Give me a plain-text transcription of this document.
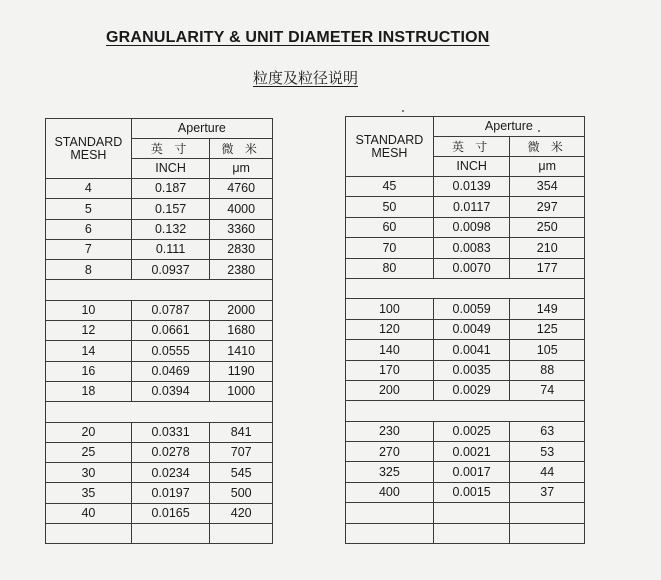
GRANULARITY & UNIT DIAMETER INSTRUCTION
粒度及粒径说明
STANDARD
MESH	Aperture	
	英 寸	微 米
	INCH	μm
4	0.187	4760
5	0.157	4000
6	0.132	3360
7	0.111	2830
8	0.0937	2380

10	0.0787	2000
12	0.0661	1680
14	0.0555	1410
16	0.0469	1190
18	0.0394	1000

20	0.0331	841
25	0.0278	707
30	0.0234	545
35	0.0197	500
40	0.0165	420

STANDARD
MESH	Aperture	
	英 寸	微 米
	INCH	μm
45	0.0139	354
50	0.0117	297
60	0.0098	250
70	0.0083	210
80	0.0070	177

100	0.0059	149
120	0.0049	125
140	0.0041	105
170	0.0035	88
200	0.0029	74

230	0.0025	63
270	0.0021	53
325	0.0017	44
400	0.0015	37
